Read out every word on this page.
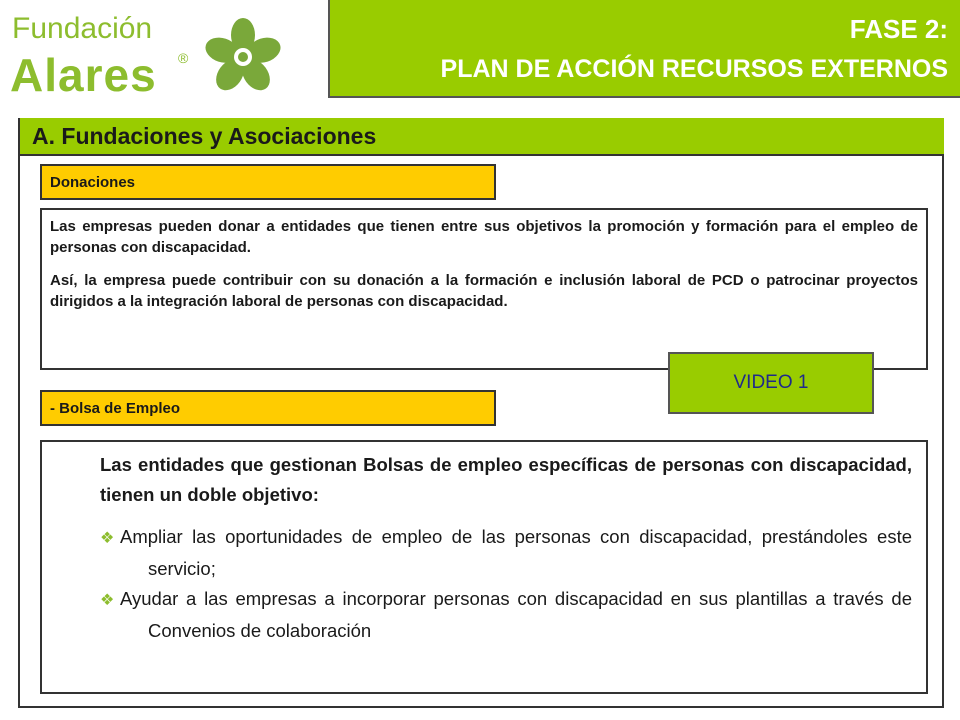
Fundación
Alares ®
FASE 2:
PLAN DE ACCIÓN RECURSOS EXTERNOS
A. Fundaciones y Asociaciones
Donaciones

Las empresas pueden donar a entidades que tienen entre sus objetivos la promoción y formación para el empleo de personas con discapacidad.

Así, la empresa puede contribuir con su donación a la formación e inclusión laboral de PCD o patrocinar proyectos dirigidos a la integración laboral de personas con discapacidad.

- Bolsa de Empleo

Las entidades que gestionan Bolsas de empleo específicas de personas con discapacidad, tienen un doble objetivo:

❖ Ampliar las oportunidades de empleo de las personas con discapacidad, prestándoles este servicio;

❖ Ayudar a las empresas a incorporar personas con discapacidad en sus plantillas a través de Convenios de colaboración

VIDEO 1
